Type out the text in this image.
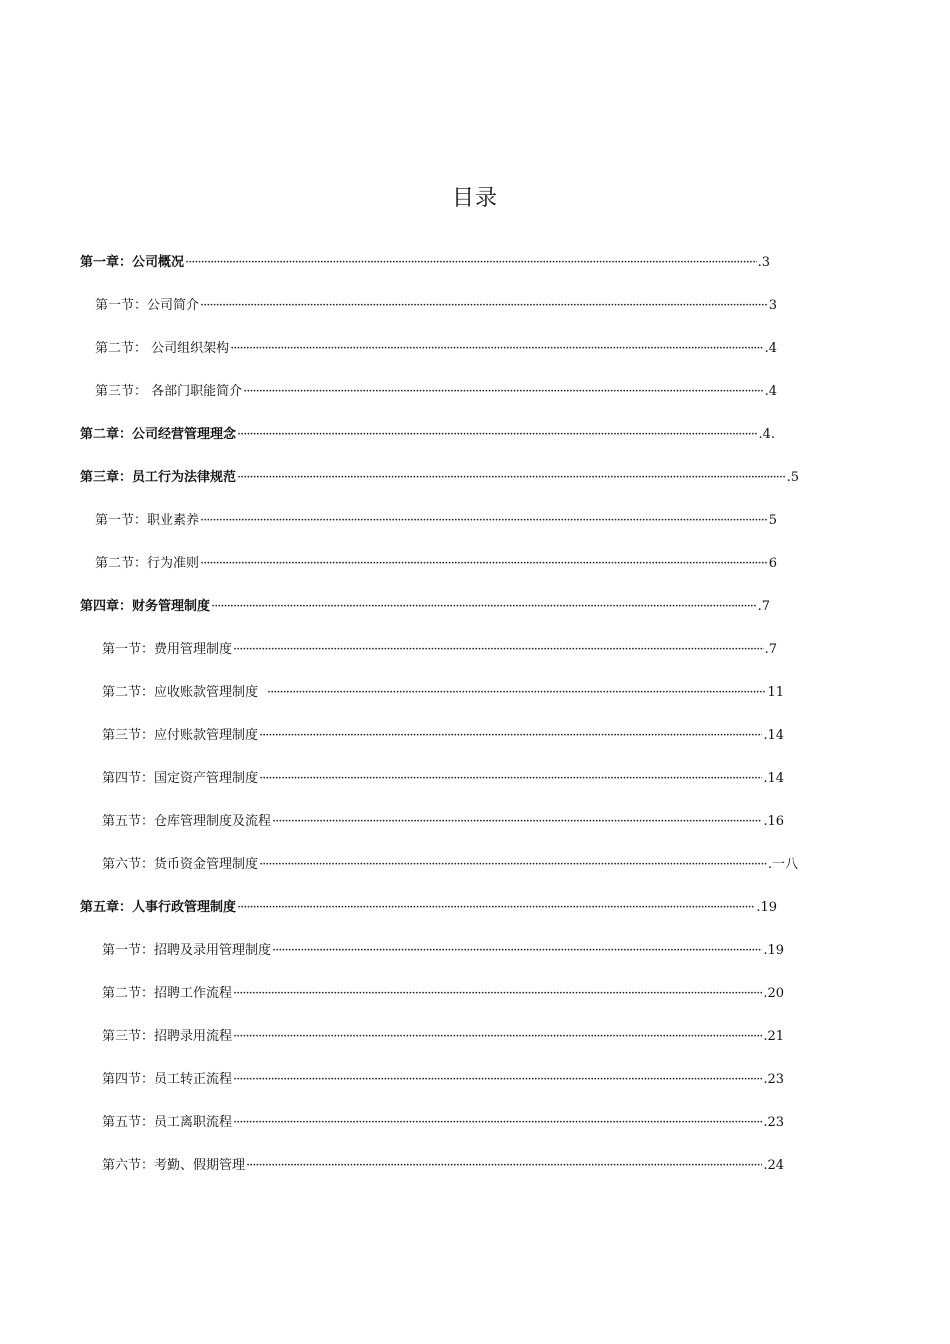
目录
第一章：公司概况 ·····	.3
第一节：公司简介 ·····	3
第二节： 公司组织架构 ·····	.4
第三节： 各部门职能简介 ·····	.4
第二章：公司经营管理理念 ·····	.4.
第三章：员工行为法律规范 ·····	.5
第一节：职业素养 ·····	5
第二节：行为准则 ·····	6
第四章：财务管理制度 ·····	.7
第一节：费用管理制度 ·····	.7
第二节：应收账款管理制度 ·····	11
第三节：应付账款管理制度 ·····	.14
第四节：国定资产管理制度 ·····	.14
第五节：仓库管理制度及流程 ·····	.16
第六节：货币资金管理制度 ·····	.一八
第五章：人事行政管理制度 ·····	.19
第一节：招聘及录用管理制度 ·····	.19
第二节：招聘工作流程 ·····	.20
第三节：招聘录用流程 ·····	.21
第四节：员工转正流程 ·····	.23
第五节：员工离职流程 ·····	.23
第六节：考勤、假期管理 ·····	.24
